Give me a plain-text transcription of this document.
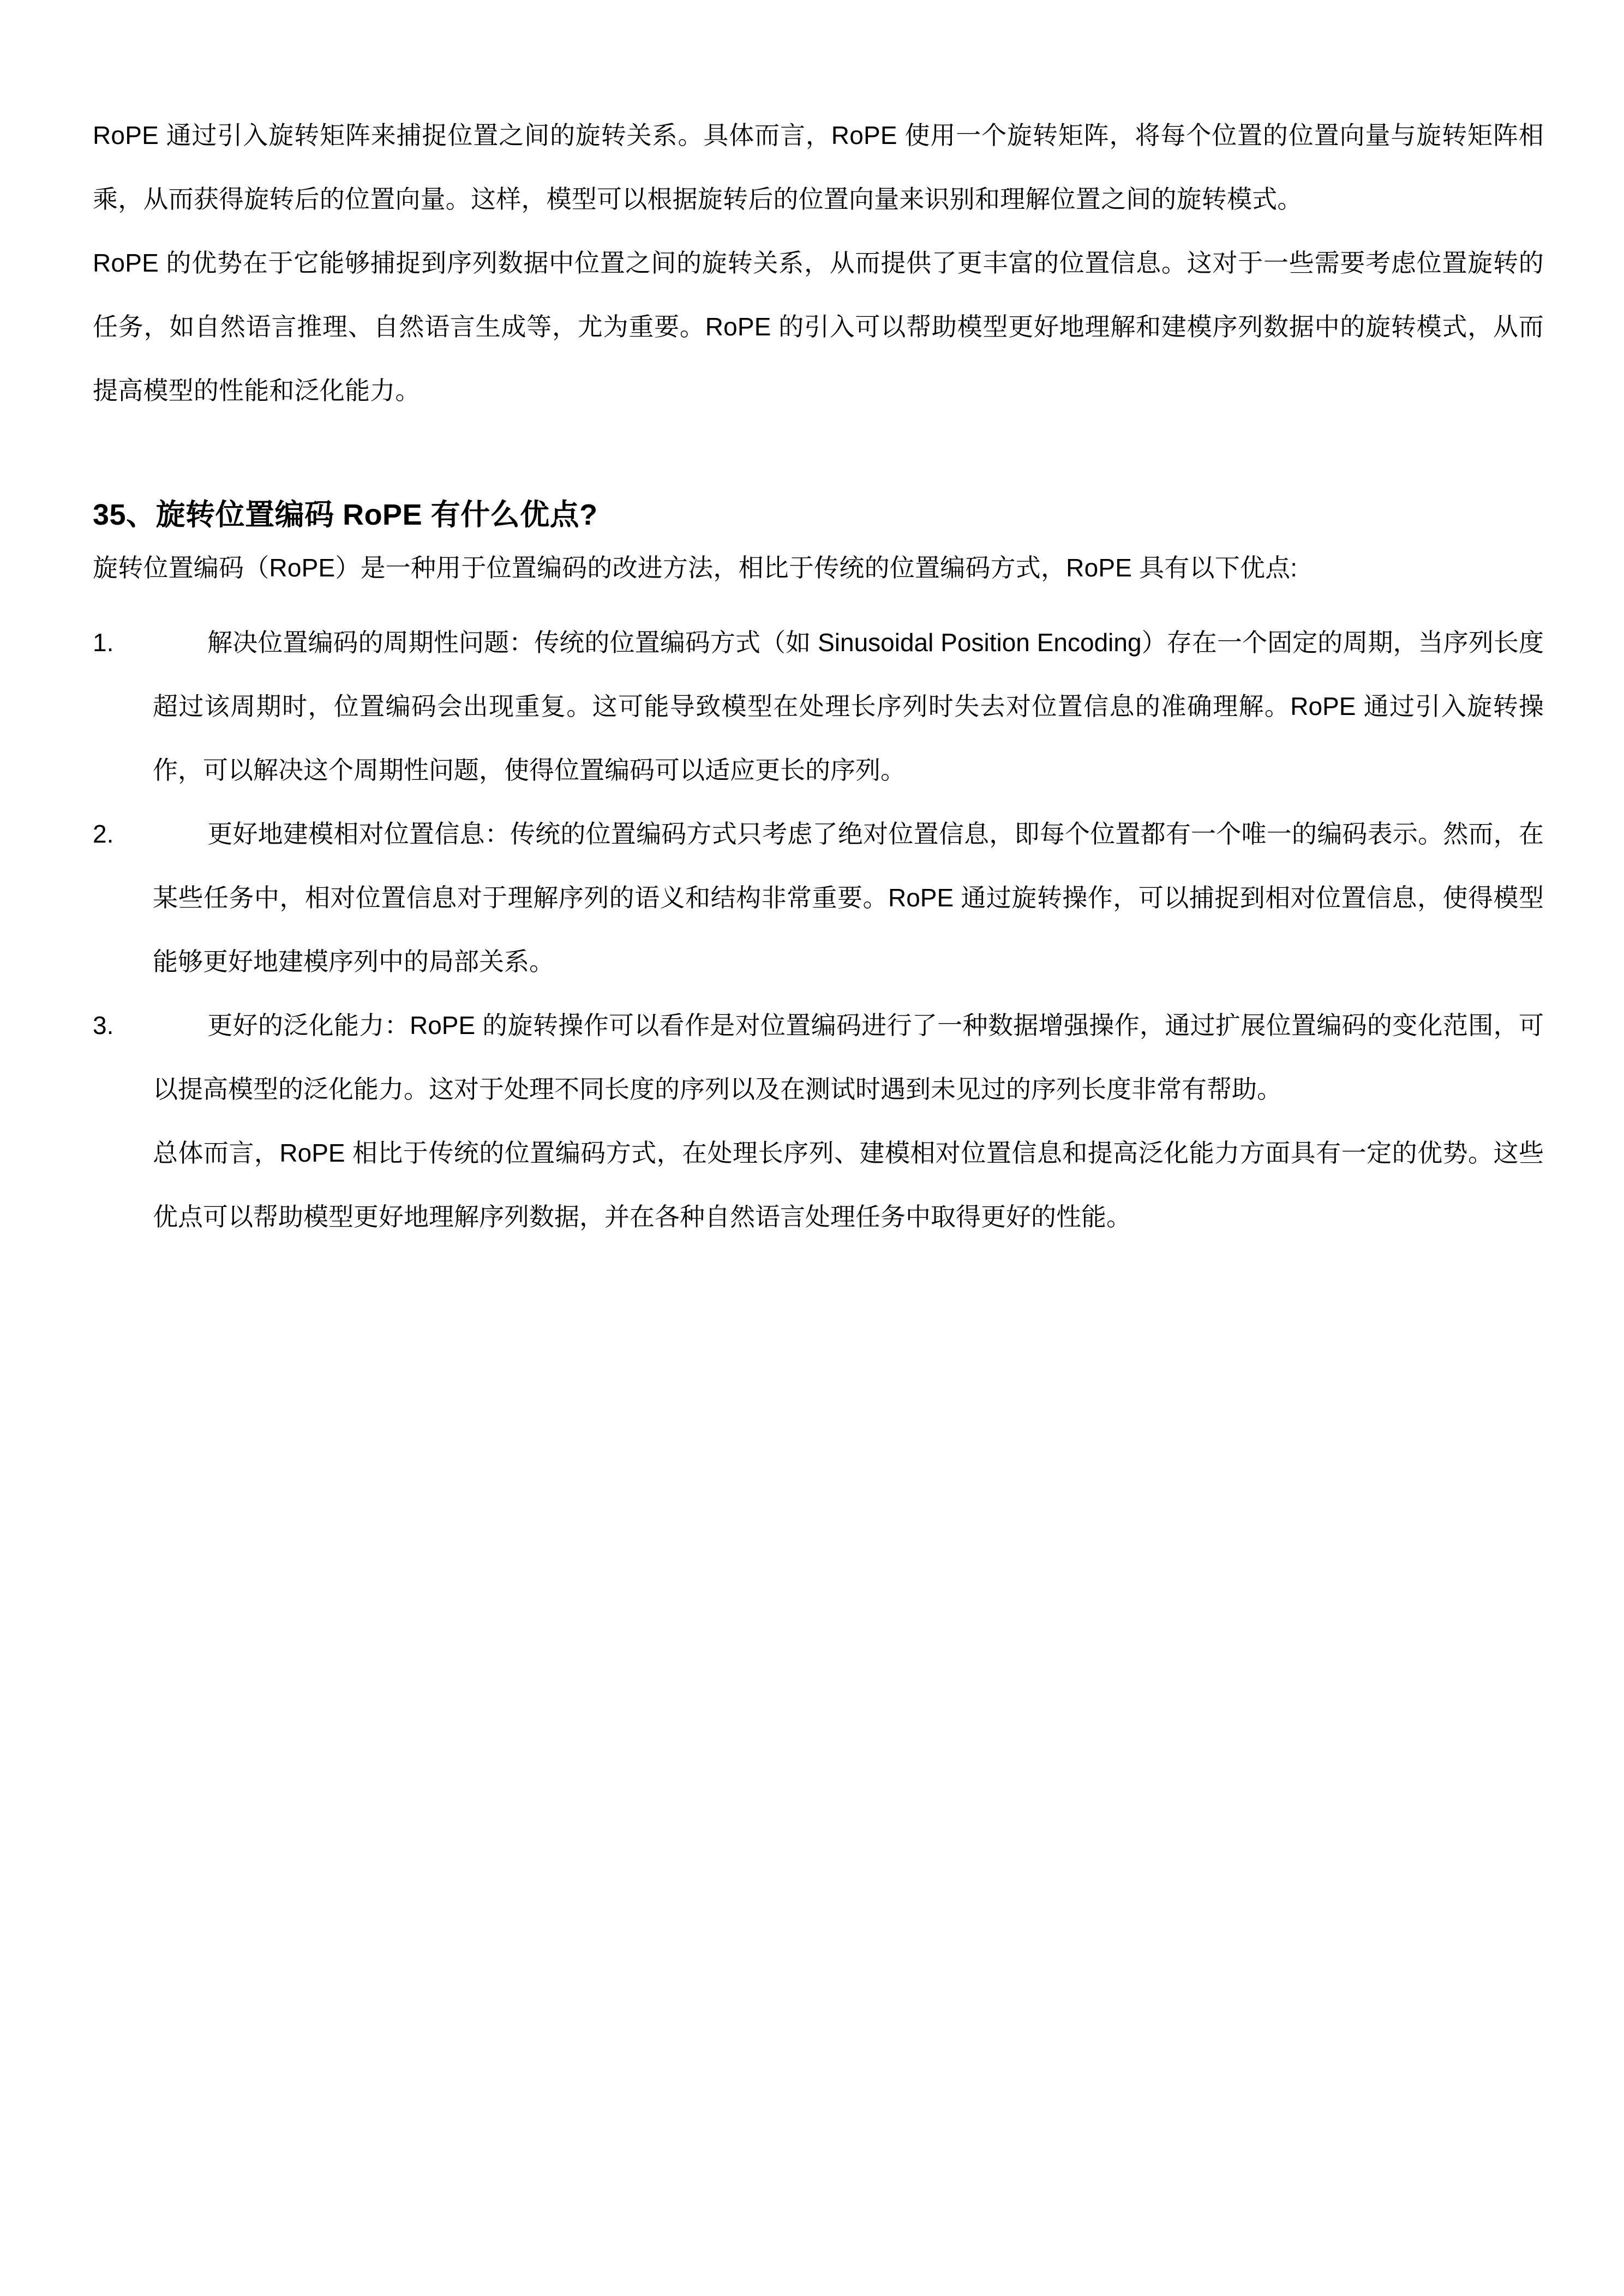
RoPE 通过引入旋转矩阵来捕捉位置之间的旋转关系。具体而言，RoPE 使用一个旋转矩阵，将每个位置的位置向量与旋转矩阵相乘，从而获得旋转后的位置向量。这样，模型可以根据旋转后的位置向量来识别和理解位置之间的旋转模式。

RoPE 的优势在于它能够捕捉到序列数据中位置之间的旋转关系，从而提供了更丰富的位置信息。这对于一些需要考虑位置旋转的任务，如自然语言推理、自然语言生成等，尤为重要。RoPE 的引入可以帮助模型更好地理解和建模序列数据中的旋转模式，从而提高模型的性能和泛化能力。

35、旋转位置编码 RoPE 有什么优点?

旋转位置编码（RoPE）是一种用于位置编码的改进方法，相比于传统的位置编码方式，RoPE 具有以下优点:

解决位置编码的周期性问题：传统的位置编码方式（如 Sinusoidal Position Encoding）存在一个固定的周期，当序列长度超过该周期时，位置编码会出现重复。这可能导致模型在处理长序列时失去对位置信息的准确理解。RoPE 通过引入旋转操作，可以解决这个周期性问题，使得位置编码可以适应更长的序列。
更好地建模相对位置信息：传统的位置编码方式只考虑了绝对位置信息，即每个位置都有一个唯一的编码表示。然而，在某些任务中，相对位置信息对于理解序列的语义和结构非常重要。RoPE 通过旋转操作，可以捕捉到相对位置信息，使得模型能够更好地建模序列中的局部关系。
更好的泛化能力：RoPE 的旋转操作可以看作是对位置编码进行了一种数据增强操作，通过扩展位置编码的变化范围，可以提高模型的泛化能力。这对于处理不同长度的序列以及在测试时遇到未见过的序列长度非常有帮助。

总体而言，RoPE 相比于传统的位置编码方式，在处理长序列、建模相对位置信息和提高泛化能力方面具有一定的优势。这些优点可以帮助模型更好地理解序列数据，并在各种自然语言处理任务中取得更好的性能。
